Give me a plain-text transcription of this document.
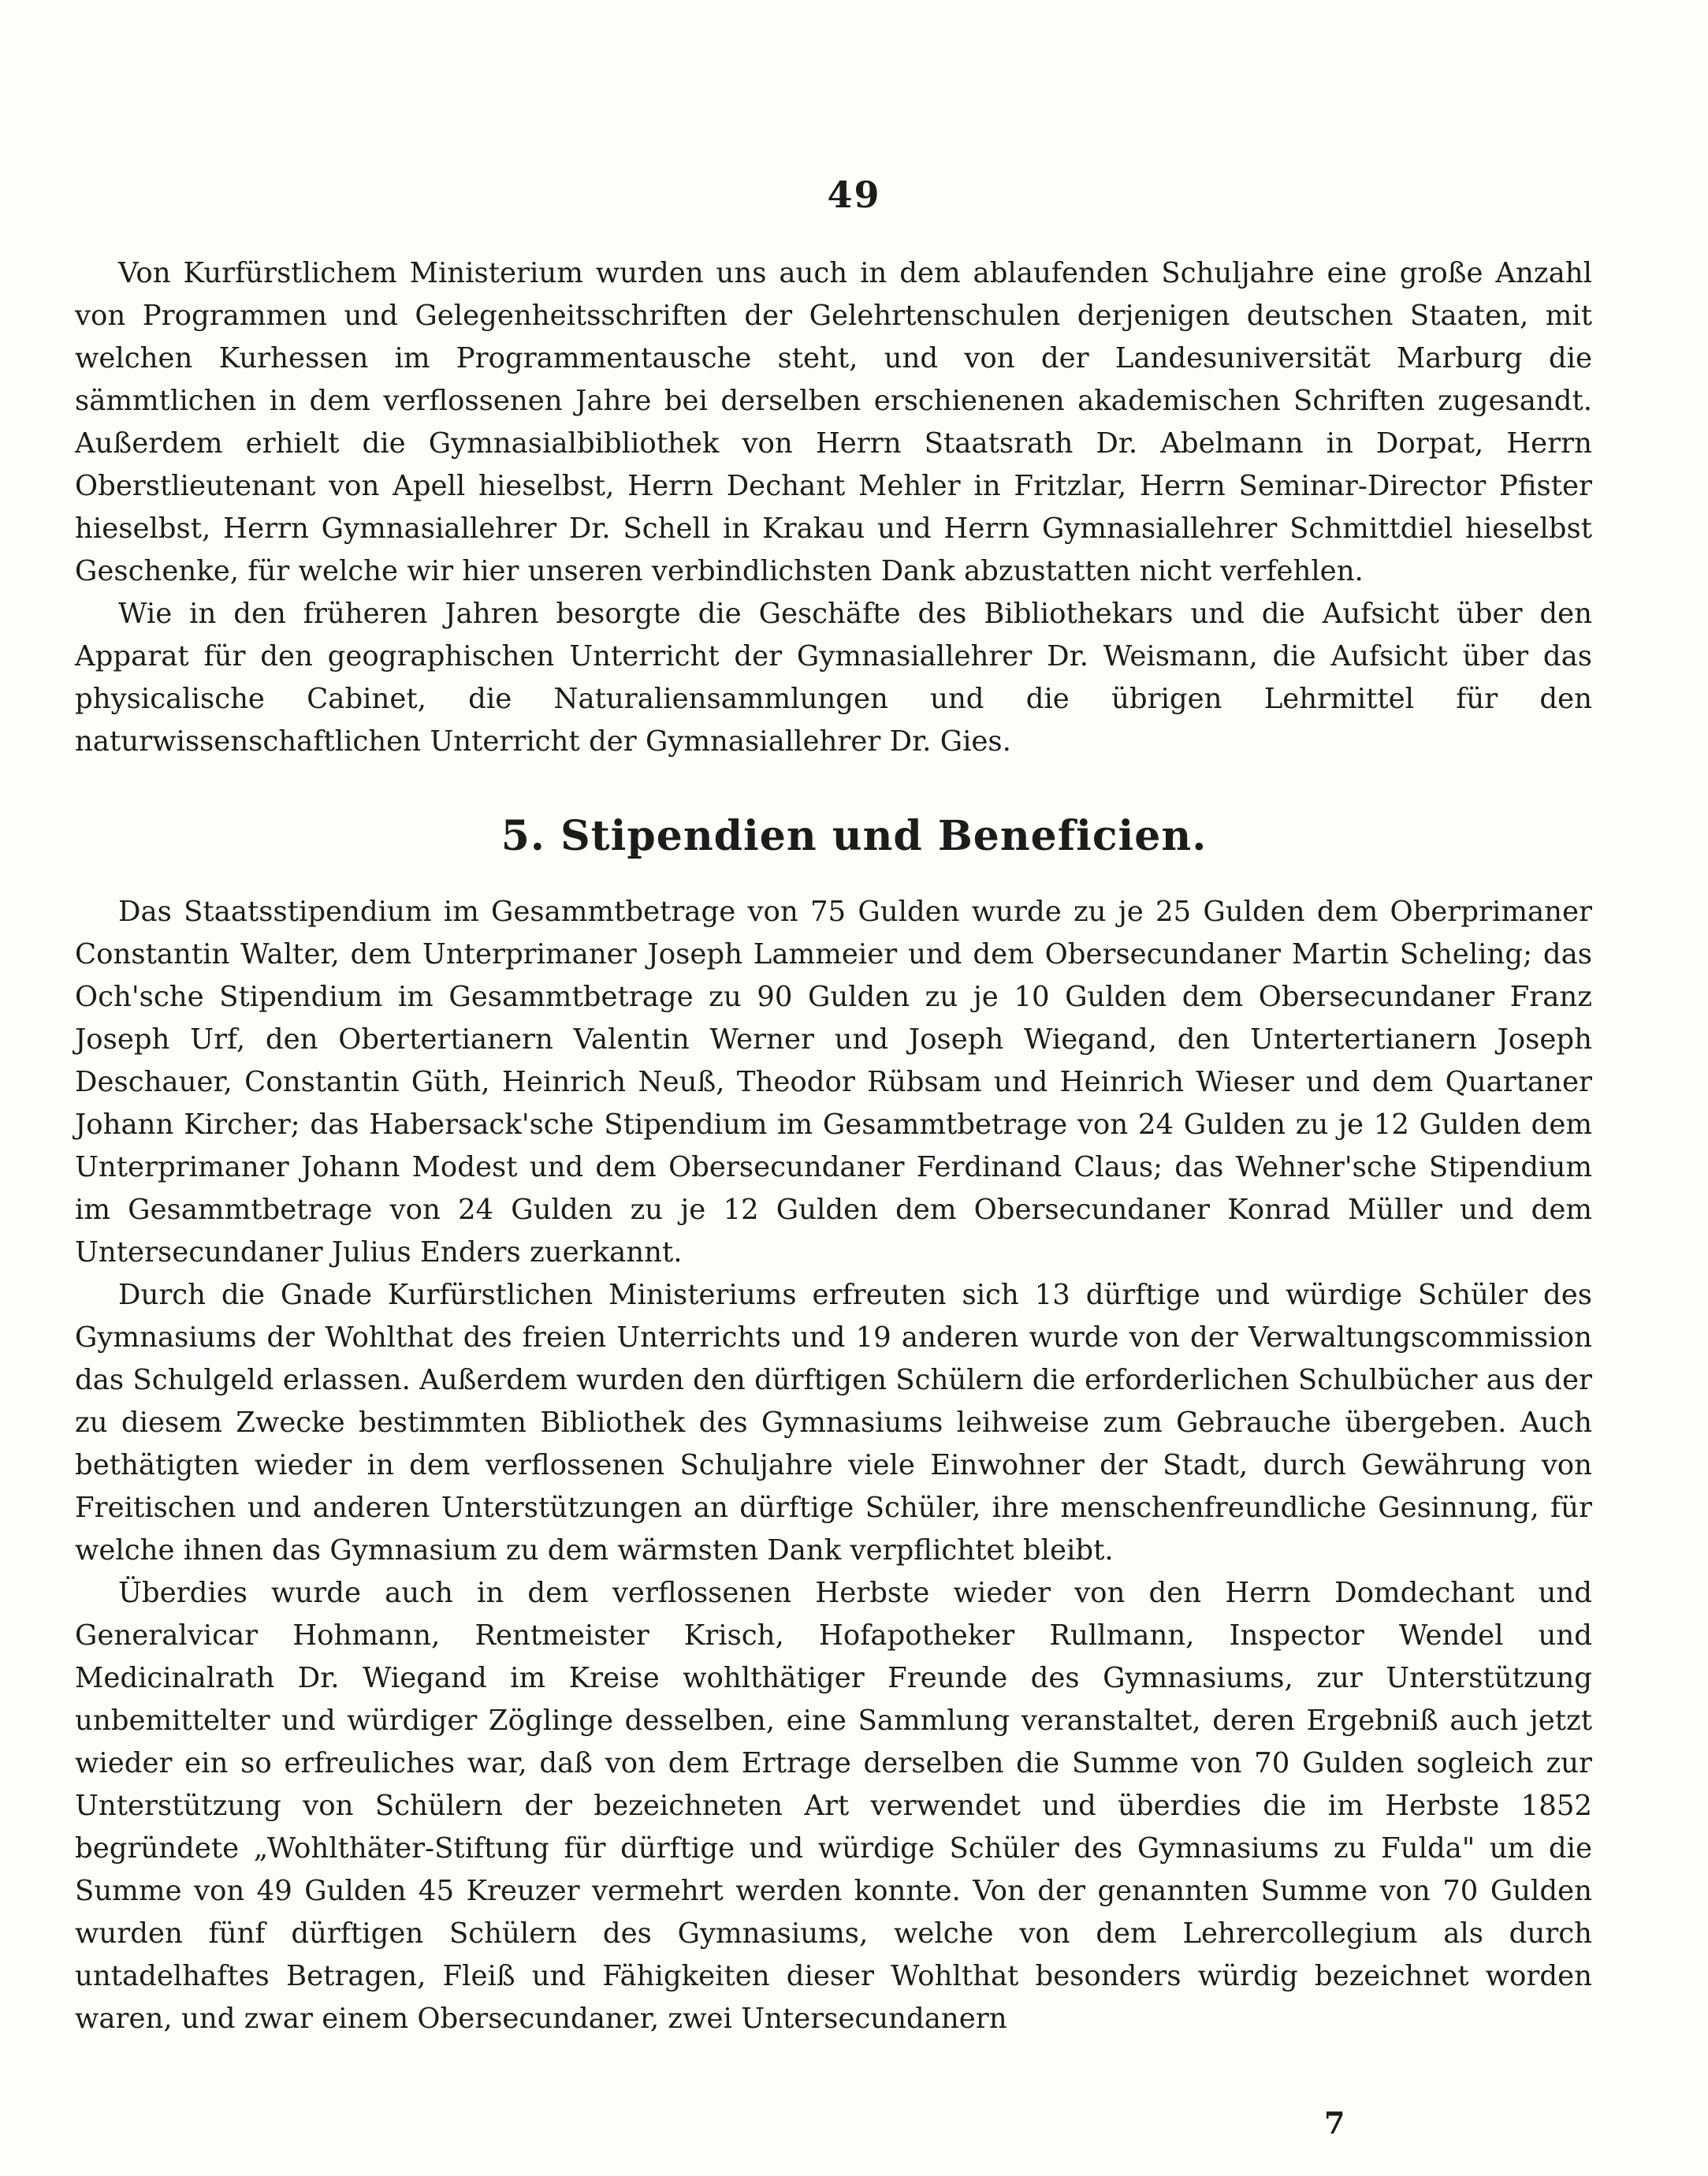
49

Von Kurfürstlichem Ministerium wurden uns auch in dem ablaufenden Schuljahre eine große Anzahl von Programmen und Gelegenheitsschriften der Gelehrtenschulen derjenigen deutschen Staaten, mit welchen Kurhessen im Programmentausche steht, und von der Landesuniversität Marburg die sämmtlichen in dem verflossenen Jahre bei derselben erschienenen akademischen Schriften zugesandt. Außerdem erhielt die Gymnasialbibliothek von Herrn Staatsrath Dr. Abelmann in Dorpat, Herrn Oberstlieutenant von Apell hieselbst, Herrn Dechant Mehler in Fritzlar, Herrn Seminar-Director Pfister hieselbst, Herrn Gymnasiallehrer Dr. Schell in Krakau und Herrn Gymnasiallehrer Schmittdiel hieselbst Geschenke, für welche wir hier unseren verbindlichsten Dank abzustatten nicht verfehlen.

Wie in den früheren Jahren besorgte die Geschäfte des Bibliothekars und die Aufsicht über den Apparat für den geographischen Unterricht der Gymnasiallehrer Dr. Weismann, die Aufsicht über das physicalische Cabinet, die Naturaliensammlungen und die übrigen Lehrmittel für den naturwissenschaftlichen Unterricht der Gymnasiallehrer Dr. Gies.

5. Stipendien und Beneficien.

Das Staatsstipendium im Gesammtbetrage von 75 Gulden wurde zu je 25 Gulden dem Oberprimaner Constantin Walter, dem Unterprimaner Joseph Lammeier und dem Obersecundaner Martin Scheling; das Och'sche Stipendium im Gesammtbetrage zu 90 Gulden zu je 10 Gulden dem Obersecundaner Franz Joseph Urf, den Obertertianern Valentin Werner und Joseph Wiegand, den Untertertianern Joseph Deschauer, Constantin Güth, Heinrich Neuß, Theodor Rübsam und Heinrich Wieser und dem Quartaner Johann Kircher; das Habersack'sche Stipendium im Gesammtbetrage von 24 Gulden zu je 12 Gulden dem Unterprimaner Johann Modest und dem Obersecundaner Ferdinand Claus; das Wehner'sche Stipendium im Gesammtbetrage von 24 Gulden zu je 12 Gulden dem Obersecundaner Konrad Müller und dem Untersecundaner Julius Enders zuerkannt.

Durch die Gnade Kurfürstlichen Ministeriums erfreuten sich 13 dürftige und würdige Schüler des Gymnasiums der Wohlthat des freien Unterrichts und 19 anderen wurde von der Verwaltungscommission das Schulgeld erlassen. Außerdem wurden den dürftigen Schülern die erforderlichen Schulbücher aus der zu diesem Zwecke bestimmten Bibliothek des Gymnasiums leihweise zum Gebrauche übergeben. Auch bethätigten wieder in dem verflossenen Schuljahre viele Einwohner der Stadt, durch Gewährung von Freitischen und anderen Unterstützungen an dürftige Schüler, ihre menschenfreundliche Gesinnung, für welche ihnen das Gymnasium zu dem wärmsten Dank verpflichtet bleibt.

Überdies wurde auch in dem verflossenen Herbste wieder von den Herrn Domdechant und Generalvicar Hohmann, Rentmeister Krisch, Hofapotheker Rullmann, Inspector Wendel und Medicinalrath Dr. Wiegand im Kreise wohlthätiger Freunde des Gymnasiums, zur Unterstützung unbemittelter und würdiger Zöglinge desselben, eine Sammlung veranstaltet, deren Ergebniß auch jetzt wieder ein so erfreuliches war, daß von dem Ertrage derselben die Summe von 70 Gulden sogleich zur Unterstützung von Schülern der bezeichneten Art verwendet und überdies die im Herbste 1852 begründete „Wohlthäter-Stiftung für dürftige und würdige Schüler des Gymnasiums zu Fulda" um die Summe von 49 Gulden 45 Kreuzer vermehrt werden konnte. Von der genannten Summe von 70 Gulden wurden fünf dürftigen Schülern des Gymnasiums, welche von dem Lehrercollegium als durch untadelhaftes Betragen, Fleiß und Fähigkeiten dieser Wohlthat besonders würdig bezeichnet worden waren, und zwar einem Obersecundaner, zwei Untersecundanern

7
